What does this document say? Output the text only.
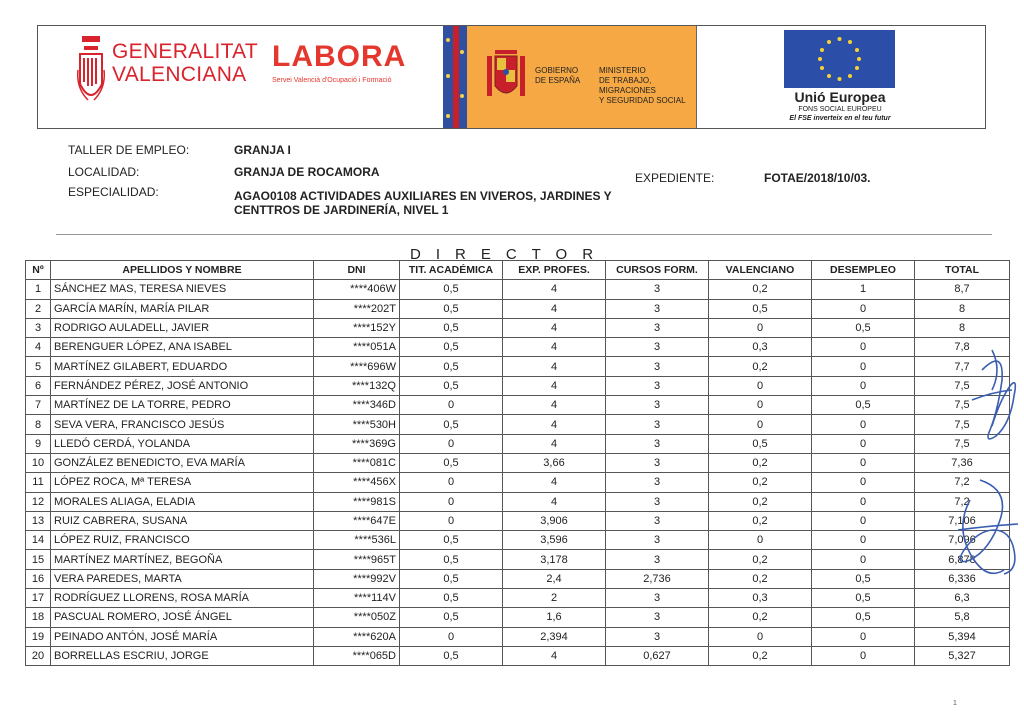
GENERALITAT
VALENCIANA
LABORA
Servei Valencià d'Ocupació i Formació
GOBIERNO
DE ESPAÑA
MINISTERIO
DE TRABAJO, MIGRACIONES
Y SEGURIDAD SOCIAL	Unió Europea
FONS SOCIAL EUROPEU
El FSE inverteix en el teu futur
TALLER DE EMPLEO:	GRANJA I
LOCALIDAD:	GRANJA DE ROCAMORA	EXPEDIENTE:	FOTAE/2018/10/03.
ESPECIALIDAD:	AGAO0108 ACTIVIDADES AUXILIARES EN VIVEROS, JARDINES Y
CENTTROS DE JARDINERÍA, NIVEL 1
DIRECTOR
Nº	APELLIDOS Y NOMBRE	DNI	TIT. ACADÉMICA	EXP. PROFES.	CURSOS FORM.	VALENCIANO	DESEMPLEO	TOTAL
1	SÁNCHEZ MAS, TERESA NIEVES	****406W	0,5	4	3	0,2	1	8,7
2	GARCÍA MARÍN, MARÍA PILAR	****202T	0,5	4	3	0,5	0	8
3	RODRIGO AULADELL, JAVIER	****152Y	0,5	4	3	0	0,5	8
4	BERENGUER LÓPEZ, ANA ISABEL	****051A	0,5	4	3	0,3	0	7,8
5	MARTÍNEZ GILABERT, EDUARDO	****696W	0,5	4	3	0,2	0	7,7
6	FERNÁNDEZ PÉREZ, JOSÉ ANTONIO	****132Q	0,5	4	3	0	0	7,5
7	MARTÍNEZ DE LA TORRE, PEDRO	****346D	0	4	3	0	0,5	7,5
8	SEVA VERA, FRANCISCO JESÚS	****530H	0,5	4	3	0	0	7,5
9	LLEDÓ CERDÁ, YOLANDA	****369G	0	4	3	0,5	0	7,5
10	GONZÁLEZ BENEDICTO, EVA MARÍA	****081C	0,5	3,66	3	0,2	0	7,36
11	LÓPEZ ROCA, Mª TERESA	****456X	0	4	3	0,2	0	7,2
12	MORALES ALIAGA, ELADIA	****981S	0	4	3	0,2	0	7,2
13	RUIZ CABRERA, SUSANA	****647E	0	3,906	3	0,2	0	7,106
14	LÓPEZ RUIZ, FRANCISCO	****536L	0,5	3,596	3	0	0	7,096
15	MARTÍNEZ MARTÍNEZ, BEGOÑA	****965T	0,5	3,178	3	0,2	0	6,878
16	VERA PAREDES, MARTA	****992V	0,5	2,4	2,736	0,2	0,5	6,336
17	RODRÍGUEZ LLORENS, ROSA MARÍA	****114V	0,5	2	3	0,3	0,5	6,3
18	PASCUAL ROMERO, JOSÉ ÁNGEL	****050Z	0,5	1,6	3	0,2	0,5	5,8
19	PEINADO ANTÓN, JOSÉ MARÍA	****620A	0	2,394	3	0	0	5,394
20	BORRELLAS ESCRIU, JORGE	****065D	0,5	4	0,627	0,2	0	5,327
1
